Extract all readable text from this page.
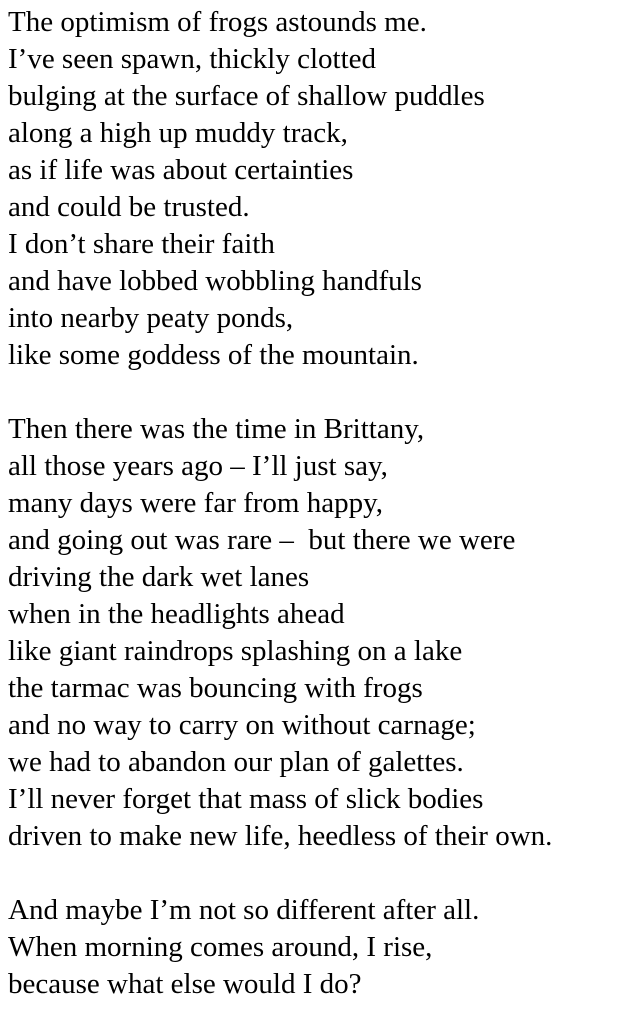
The optimism of frogs astounds me.
I’ve seen spawn, thickly clotted
bulging at the surface of shallow puddles
along a high up muddy track,
as if life was about certainties
and could be trusted.
I don’t share their faith
and have lobbed wobbling handfuls
into nearby peaty ponds,
like some goddess of the mountain.
Then there was the time in Brittany,
all those years ago – I’ll just say,
many days were far from happy,
and going out was rare –  but there we were
driving the dark wet lanes
when in the headlights ahead
like giant raindrops splashing on a lake
the tarmac was bouncing with frogs
and no way to carry on without carnage;
we had to abandon our plan of galettes.
I’ll never forget that mass of slick bodies
driven to make new life, heedless of their own.
And maybe I’m not so different after all.
When morning comes around, I rise,
because what else would I do?
